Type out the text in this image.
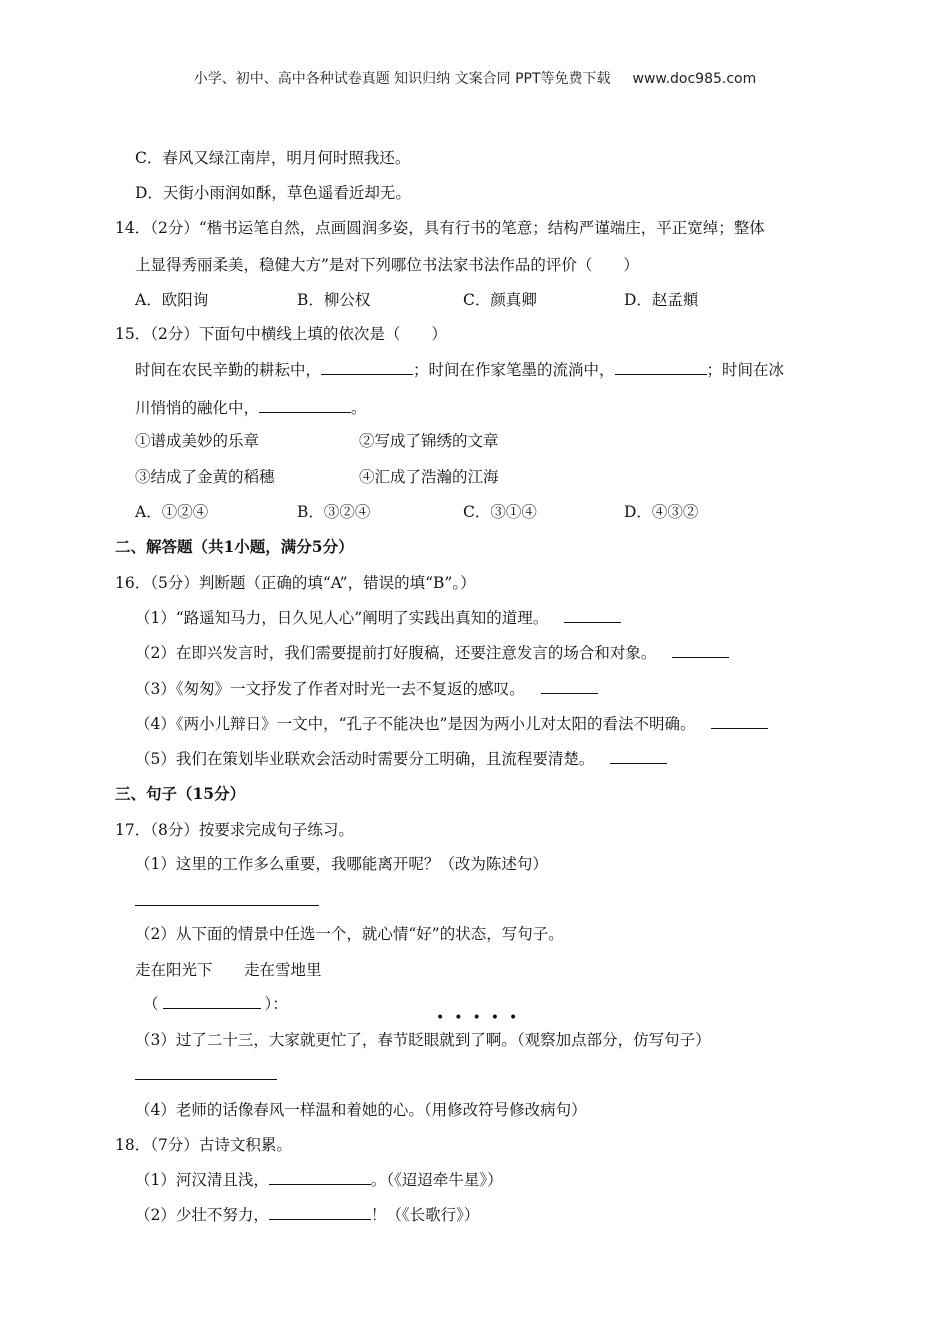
小学、初中、高中各种试卷真题 知识归纳 文案合同 PPT等免费下载 www.doc985.com
C．春风又绿江南岸，明月何时照我还。
D．天街小雨润如酥，草色遥看近却无。
14．（2分）“楷书运笔自然，点画圆润多姿，具有行书的笔意；结构严谨端庄，平正宽绰；整体
上显得秀丽柔美，稳健大方”是对下列哪位书法家书法作品的评价（　　）
A．欧阳询	B．柳公权	C．颜真卿	D．赵孟頫
15．（2分）下面句中横线上填的依次是（　　）
时间在农民辛勤的耕耘中，	；时间在作家笔墨的流淌中，	；时间在冰
川悄悄的融化中，	。
①谱成美妙的乐章	②写成了锦绣的文章
③结成了金黄的稻穗	④汇成了浩瀚的江海
A．①②④	B．③②④	C．③①④	D．④③②
二、解答题（共1小题，满分5分）
16．（5分）判断题（正确的填“A”，错误的填“B”。）
（1）“路遥知马力，日久见人心”阐明了实践出真知的道理。
（2）在即兴发言时，我们需要提前打好腹稿，还要注意发言的场合和对象。
（3）《匆匆》一文抒发了作者对时光一去不复返的感叹。
（4）《两小儿辩日》一文中，“孔子不能决也”是因为两小儿对太阳的看法不明确。
（5）我们在策划毕业联欢会活动时需要分工明确，且流程要清楚。
三、句子（15分）
17．（8分）按要求完成句子练习。
（1）这里的工作多么重要，我哪能离开呢？（改为陈述句）
（2）从下面的情景中任选一个，就心情“好”的状态，写句子。
走在阳光下 走在雪地里
（	）：
•••••
（3）过了二十三，大家就更忙了，春节眨眼就到了啊。（观察加点部分，仿写句子）
（4）老师的话像春风一样温和着她的心。（用修改符号修改病句）
18．（7分）古诗文积累。
（1）河汉清且浅，	。（《迢迢牵牛星》）
（2）少壮不努力，	！（《长歌行》）
